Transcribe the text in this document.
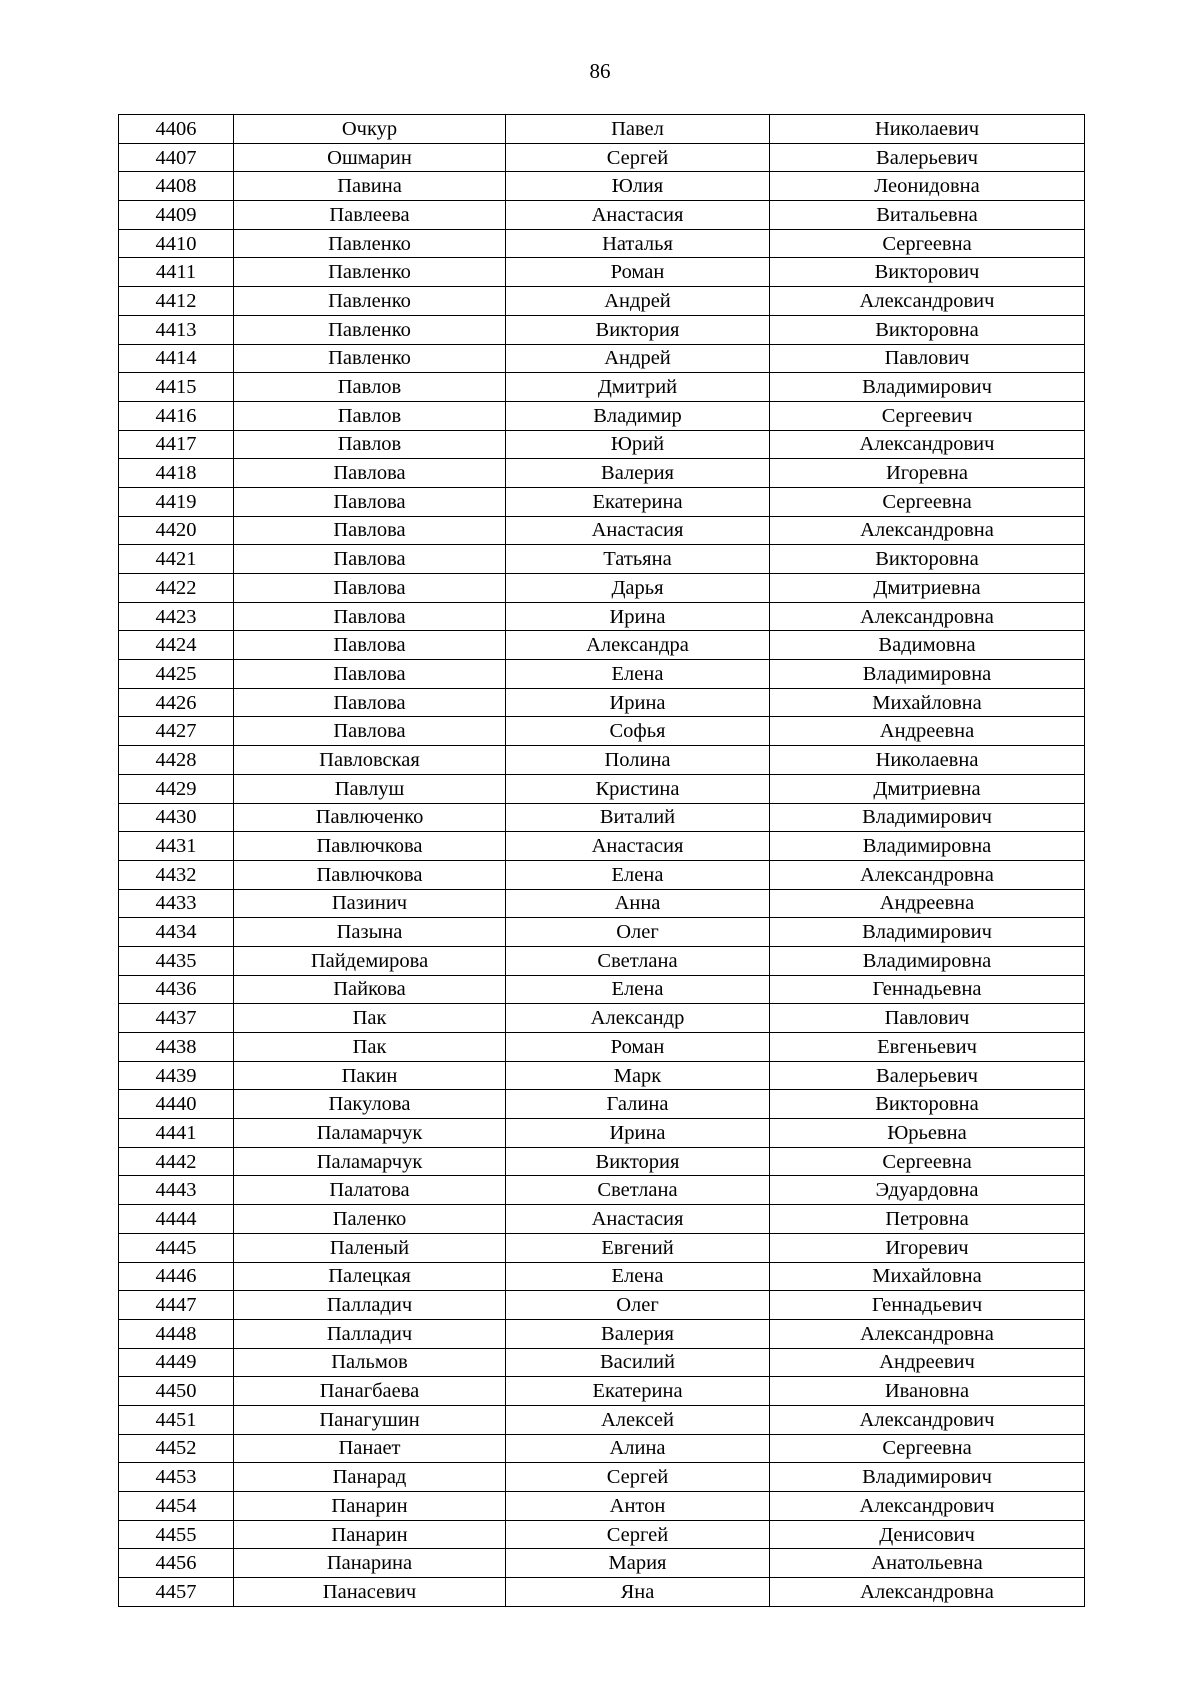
86
4406	Очкур	Павел	Николаевич
4407	Ошмарин	Сергей	Валерьевич
4408	Павина	Юлия	Леонидовна
4409	Павлеева	Анастасия	Витальевна
4410	Павленко	Наталья	Сергеевна
4411	Павленко	Роман	Викторович
4412	Павленко	Андрей	Александрович
4413	Павленко	Виктория	Викторовна
4414	Павленко	Андрей	Павлович
4415	Павлов	Дмитрий	Владимирович
4416	Павлов	Владимир	Сергеевич
4417	Павлов	Юрий	Александрович
4418	Павлова	Валерия	Игоревна
4419	Павлова	Екатерина	Сергеевна
4420	Павлова	Анастасия	Александровна
4421	Павлова	Татьяна	Викторовна
4422	Павлова	Дарья	Дмитриевна
4423	Павлова	Ирина	Александровна
4424	Павлова	Александра	Вадимовна
4425	Павлова	Елена	Владимировна
4426	Павлова	Ирина	Михайловна
4427	Павлова	Софья	Андреевна
4428	Павловская	Полина	Николаевна
4429	Павлуш	Кристина	Дмитриевна
4430	Павлюченко	Виталий	Владимирович
4431	Павлючкова	Анастасия	Владимировна
4432	Павлючкова	Елена	Александровна
4433	Пазинич	Анна	Андреевна
4434	Пазына	Олег	Владимирович
4435	Пайдемирова	Светлана	Владимировна
4436	Пайкова	Елена	Геннадьевна
4437	Пак	Александр	Павлович
4438	Пак	Роман	Евгеньевич
4439	Пакин	Марк	Валерьевич
4440	Пакулова	Галина	Викторовна
4441	Паламарчук	Ирина	Юрьевна
4442	Паламарчук	Виктория	Сергеевна
4443	Палатова	Светлана	Эдуардовна
4444	Паленко	Анастасия	Петровна
4445	Паленый	Евгений	Игоревич
4446	Палецкая	Елена	Михайловна
4447	Палладич	Олег	Геннадьевич
4448	Палладич	Валерия	Александровна
4449	Пальмов	Василий	Андреевич
4450	Панагбаева	Екатерина	Ивановна
4451	Панагушин	Алексей	Александрович
4452	Панает	Алина	Сергеевна
4453	Панарад	Сергей	Владимирович
4454	Панарин	Антон	Александрович
4455	Панарин	Сергей	Денисович
4456	Панарина	Мария	Анатольевна
4457	Панасевич	Яна	Александровна
